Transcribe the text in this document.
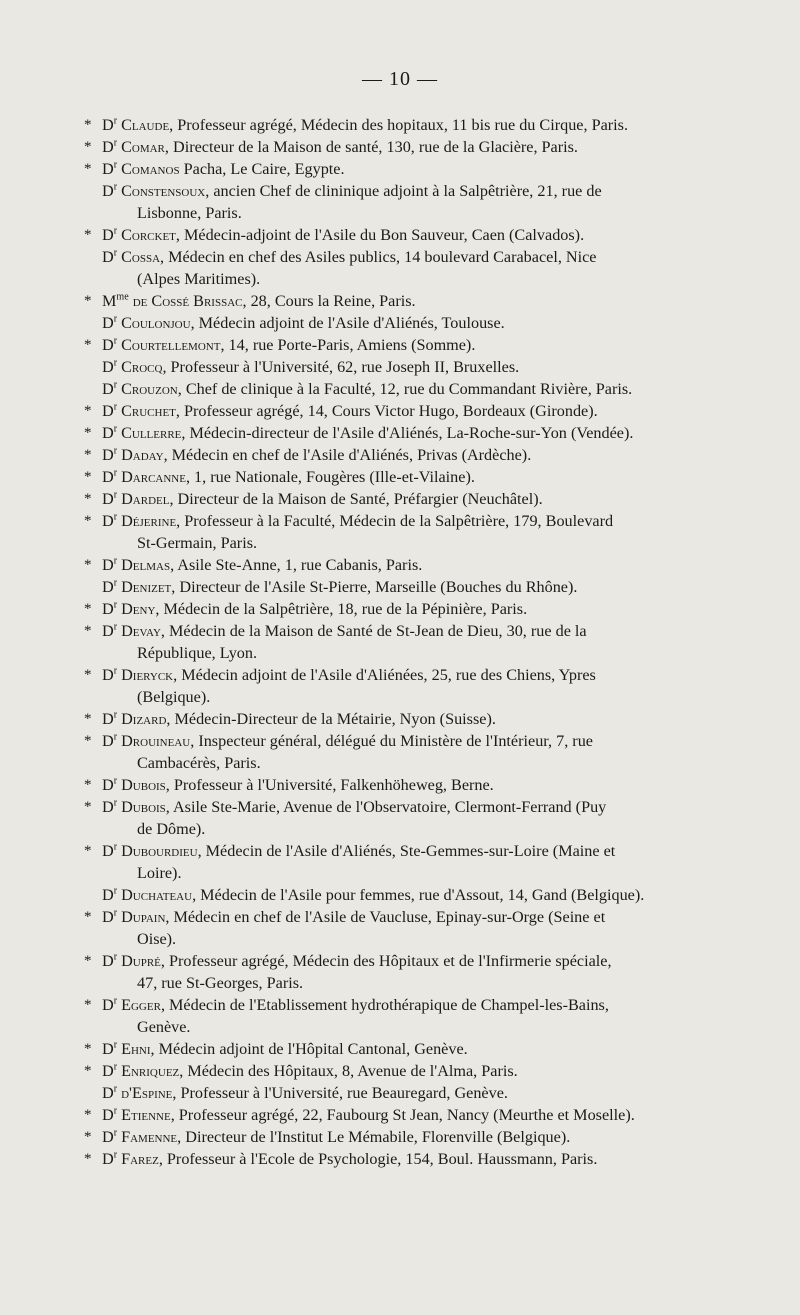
— 10 —

* $D^r$ Claude, Professeur agrégé, Médecin des hopitaux, 11 bis rue du Cirque, Paris.

* $D^r$ Comar, Directeur de la Maison de santé, 130, rue de la Glacière, Paris.

* $D^r$ Comanos Pacha, Le Caire, Egypte.

$D^r$ Constensoux, ancien Chef de clininique adjoint à la Salpêtrière, 21, rue de
Lisbonne, Paris.

* $D^r$ Corcket, Médecin-adjoint de l'Asile du Bon Sauveur, Caen (Calvados).

$D^r$ Cossa, Médecin en chef des Asiles publics, 14 boulevard Carabacel, Nice
(Alpes Maritimes).

* $M^{me}$ de Cossé Brissac, 28, Cours la Reine, Paris.

$D^r$ Coulonjou, Médecin adjoint de l'Asile d'Aliénés, Toulouse.

* $D^r$ Courtellemont, 14, rue Porte-Paris, Amiens (Somme).

$D^r$ Crocq, Professeur à l'Université, 62, rue Joseph II, Bruxelles.

$D^r$ Crouzon, Chef de clinique à la Faculté, 12, rue du Commandant Rivière, Paris.

* $D^r$ Cruchet, Professeur agrégé, 14, Cours Victor Hugo, Bordeaux (Gironde).

* $D^r$ Cullerre, Médecin-directeur de l'Asile d'Aliénés, La-Roche-sur-Yon (Vendée).

* $D^r$ Daday, Médecin en chef de l'Asile d'Aliénés, Privas (Ardèche).

* $D^r$ Darcanne, 1, rue Nationale, Fougères (Ille-et-Vilaine).

* $D^r$ Dardel, Directeur de la Maison de Santé, Préfargier (Neuchâtel).

* $D^r$ Déjerine, Professeur à la Faculté, Médecin de la Salpêtrière, 179, Boulevard
St-Germain, Paris.

* $D^r$ Delmas, Asile Ste-Anne, 1, rue Cabanis, Paris.

$D^r$ Denizet, Directeur de l'Asile St-Pierre, Marseille (Bouches du Rhône).

* $D^r$ Deny, Médecin de la Salpêtrière, 18, rue de la Pépinière, Paris.

* $D^r$ Devay, Médecin de la Maison de Santé de St-Jean de Dieu, 30, rue de la
République, Lyon.

* $D^r$ Dieryck, Médecin adjoint de l'Asile d'Aliénées, 25, rue des Chiens, Ypres
(Belgique).

* $D^r$ Dizard, Médecin-Directeur de la Métairie, Nyon (Suisse).

* $D^r$ Drouineau, Inspecteur général, délégué du Ministère de l'Intérieur, 7, rue
Cambacérès, Paris.

* $D^r$ Dubois, Professeur à l'Université, Falkenhöheweg, Berne.

* $D^r$ Dubois, Asile Ste-Marie, Avenue de l'Observatoire, Clermont-Ferrand (Puy
de Dôme).

* $D^r$ Dubourdieu, Médecin de l'Asile d'Aliénés, Ste-Gemmes-sur-Loire (Maine et
Loire).

$D^r$ Duchateau, Médecin de l'Asile pour femmes, rue d'Assout, 14, Gand (Belgique).

* $D^r$ Dupain, Médecin en chef de l'Asile de Vaucluse, Epinay-sur-Orge (Seine et
Oise).

* $D^r$ Dupré, Professeur agrégé, Médecin des Hôpitaux et de l'Infirmerie spéciale,
47, rue St-Georges, Paris.

* $D^r$ Egger, Médecin de l'Etablissement hydrothérapique de Champel-les-Bains,
Genève.

* $D^r$ Ehni, Médecin adjoint de l'Hôpital Cantonal, Genève.

* $D^r$ Enriquez, Médecin des Hôpitaux, 8, Avenue de l'Alma, Paris.

$D^r$ d'Espine, Professeur à l'Université, rue Beauregard, Genève.

* $D^r$ Etienne, Professeur agrégé, 22, Faubourg St Jean, Nancy (Meurthe et Moselle).

* $D^r$ Famenne, Directeur de l'Institut Le Mémabile, Florenville (Belgique).

* $D^r$ Farez, Professeur à l'Ecole de Psychologie, 154, Boul. Haussmann, Paris.
